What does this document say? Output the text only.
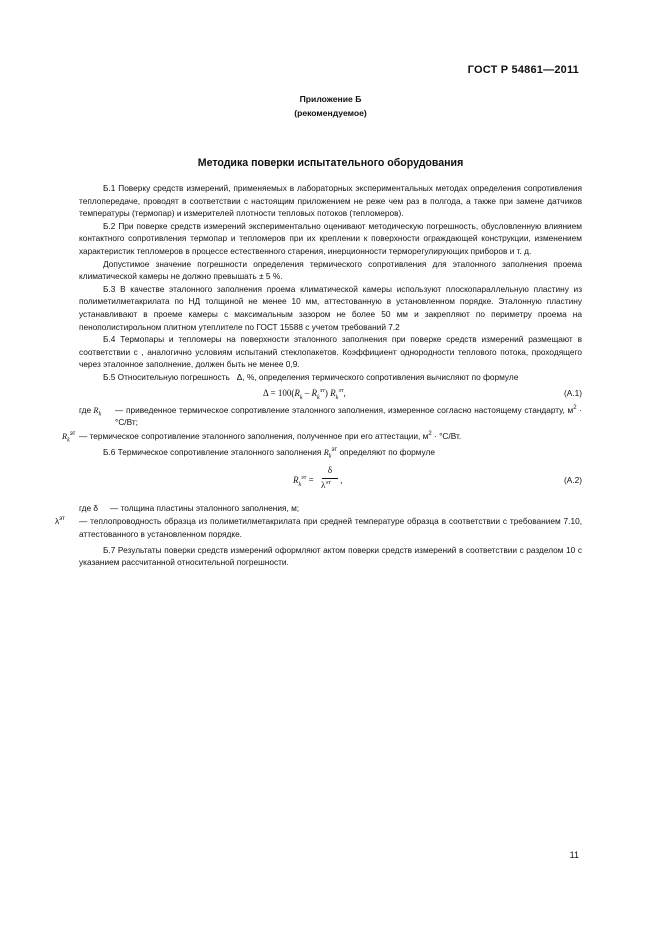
ГОСТ Р 54861—2011
Приложение Б
(рекомендуемое)
Методика поверки испытательного оборудования

Б.1 Поверку средств измерений, применяемых в лабораторных экспериментальных методах определения сопротивления теплопередаче, проводят в соответствии с настоящим приложением не реже чем раз в полгода, а также при замене датчиков температуры (термопар) и измерителей плотности тепловых потоков (тепломеров).

Б.2 При поверке средств измерений экспериментально оценивают методическую погрешность, обусловленную влиянием контактного сопротивления термопар и тепломеров при их креплении к поверхности ограждающей конструкции, изменением характеристик тепломеров в процессе естественного старения, инерционности терморегулирующих приборов и т. д.

Допустимое значение погрешности определения термического сопротивления для эталонного заполнения проема климатической камеры не должно превышать ± 5 %.

Б.3 В качестве эталонного заполнения проема климатической камеры используют плоскопараллельную пластину из полиметилметакрилата по НД толщиной не менее 10 мм, аттестованную в установленном порядке. Эталонную пластину устанавливают в проеме камеры с максимальным зазором не более 50 мм и закрепляют по периметру проема на пенополистирольном плитном утеплителе по ГОСТ 15588 с учетом требований 7.2

Б.4 Термопары и тепломеры на поверхности эталонного заполнения при поверке средств измерений размещают в соответствии с , аналогично условиям испытаний стеклопакетов. Коэффициент однородности теплового потока, проходящего через эталонное заполнение, должен быть не менее 0,9.

Б.5 Относительную погрешность Δ, %, определения термического сопротивления вычисляют по формуле

$\Delta = 100(R_k - R_k^{эт})$ $R_k^{эт}$,	(А.1)
где $R_k$	— приведенное термическое сопротивление эталонного заполнения, измеренное согласно настоящему стандарту, $м^2 \cdot ^\circ С/Вт$;

$R_k^{эт}$ — термическое сопротивление эталонного заполнения, полученное при его аттестации, $м^2 \cdot ^\circ С/Вт$.

Б.6 Термическое сопротивление эталонного заполнения $R_k^{эт}$ определяют по формуле

$R_k^{эт}$ =
δ
$\lambda^{эт}$ ,	(А.2)
где δ	— толщина пластины эталонного заполнения, м;

$\lambda^{эт}$ — теплопроводность образца из полиметилметакрилата при средней температуре образца в соответствии с требованием 7.10, аттестованного в установленном порядке.

Б.7 Результаты поверки средств измерений оформляют актом поверки средств измерений в соответствии с разделом 10 с указанием рассчитанной относительной погрешности.

11
